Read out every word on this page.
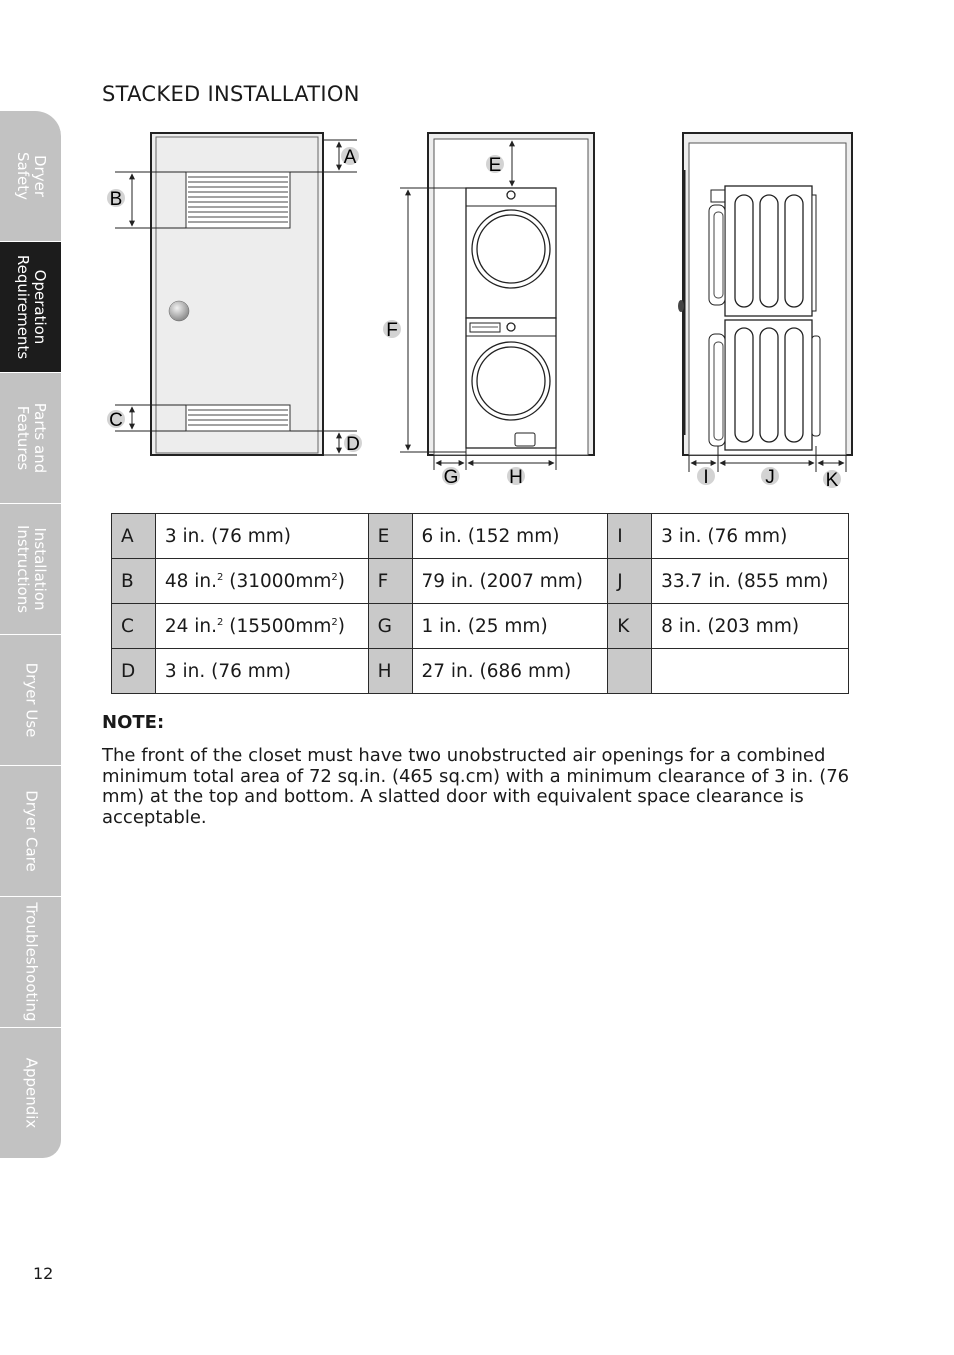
Dryer
Safety
Operation
Requirements
Parts and
Features
Installation
Instructions
Dryer Use
Dryer Care
Troubleshooting
Appendix
STACKED INSTALLATION
A
B
C
D
E
F
G	H	I	J	K
A	3 in. (76 mm)	E	6 in. (152 mm)	I	3 in. (76 mm)
B	48 in.$^2$ $(31000mm^2)$	F	79 in. (2007 mm)	J	33.7 in. (855 mm)
C	24 in.$^2$ $(15500mm^2)$	G	1 in. (25 mm)	K	8 in. (203 mm)
D	3 in. (76 mm)	H	27 in. (686 mm)		
NOTE:
The front of the closet must have two unobstructed air openings for a combined minimum total area of 72 sq.in. (465 sq.cm) with a minimum clearance of 3 in. (76 mm) at the top and bottom. A slatted door with equivalent space clearance is acceptable.
12
